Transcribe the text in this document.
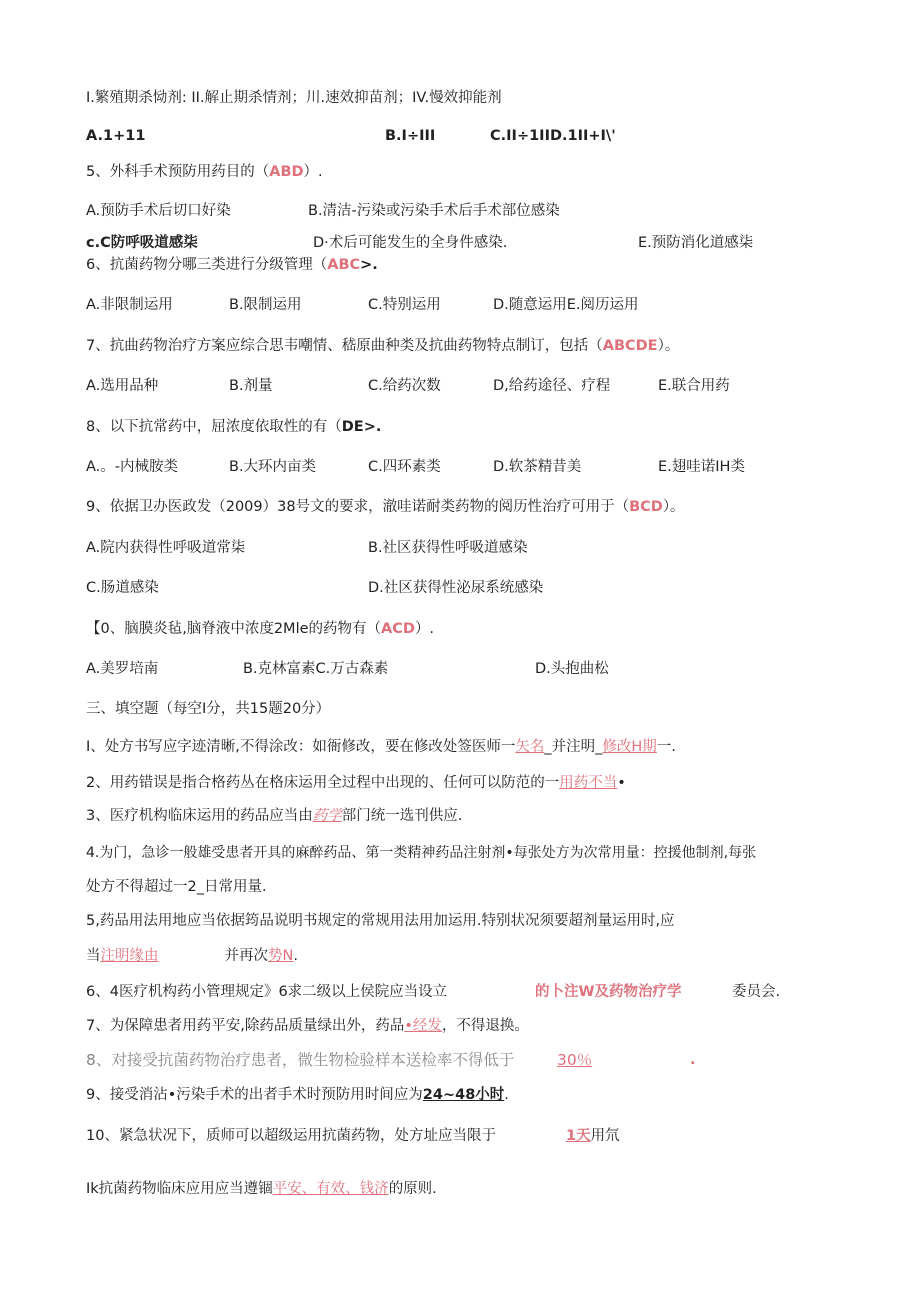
I.繁殖期杀恸剂: II.解止期杀情剂；川.速效抑苗剂；IV.慢效抑能剂
A.1+11	B.I÷III	C.II÷1IID.1II+I\'
5、外科手术预防用药目的（ABD）.
A.预防手术后切口好染	B.清洁-污染或污染手术后手术部位感染
c.C防呼吸道感柒	D·术后可能发生的全身件感染.	E.预防消化道感柒
6、抗菌药物分哪三类进行分级管理（ABC>.
A.非限制运用	B.限制运用	C.特别运用	D.随意运用E.阅历运用
7、抗曲药物治疗方案应综合思韦嘲情、嵇原曲种类及抗曲药物特点制订，包括（ABCDE）。
A.选用品种	B.剂量	C.给药次数	D,给药途径、疗程	E.联合用药
8、以下抗常药中，屈浓度依取性的有（DE>.
A.。-内械胺类	B.大环内亩类	C.四环素类	D.软茶精昔美	E.翅哇诺IH类
9、依据卫办医政发（2009）38号文的要求，澈哇诺耐类药物的阅历性治疗可用于（BCD）。
A.院内获得性呼吸道常柒	B.社区获得性呼吸道感染
C.肠道感染	D.社区获得性泌尿系统感染
【0、脑膜炎毡,脑脊液中浓度2Mle的药物有（ACD）.
A.美罗培南	B.克林富素C.万古森素	D.头抱曲松
三、填空题（每空I分，共15题20分）
I、处方书写应字迹清晰,不得涂改：如衙修改，要在修改处签医师一矢名_并注明_修改H期一.
2、用药错误是指合格药丛在格床运用全过程中出现的、任何可以防范的一用药不当•
3、医疗机构临床运用的药品应当由药学部门统一选刊供应.
4.为门，急诊一般雄受患者开具的麻醉药品、第一类精神药品注射剂•每张处方为次常用量：控援他制剂,每张
处方不得超过一2_日常用量.
5,药品用法用地应当依据筠品说明书规定的常规用法用加运用.特别状况须要超剂量运用时,应
当注明缘由	并再次势N.
6、4医疗机构药小管理规定》6求二级以上侯院应当设立	的卜注W及药物治疗学	委员会.
7、为保障患者用药平安,除药品质量绿出外，药品•经发，不得退换。
8、对接受抗菌药物治疗患者，微生物检验样本送检率不得低于	30％	.
9、接受消沾•污染手术的出者手术时预防用时间应为24~48小时.
10、紧急状况下，质师可以超级运用抗菌药物，处方址应当限于	1天用氘
Ik抗菌药物临床应用应当遵锢平安、有效、钱济的原则.
